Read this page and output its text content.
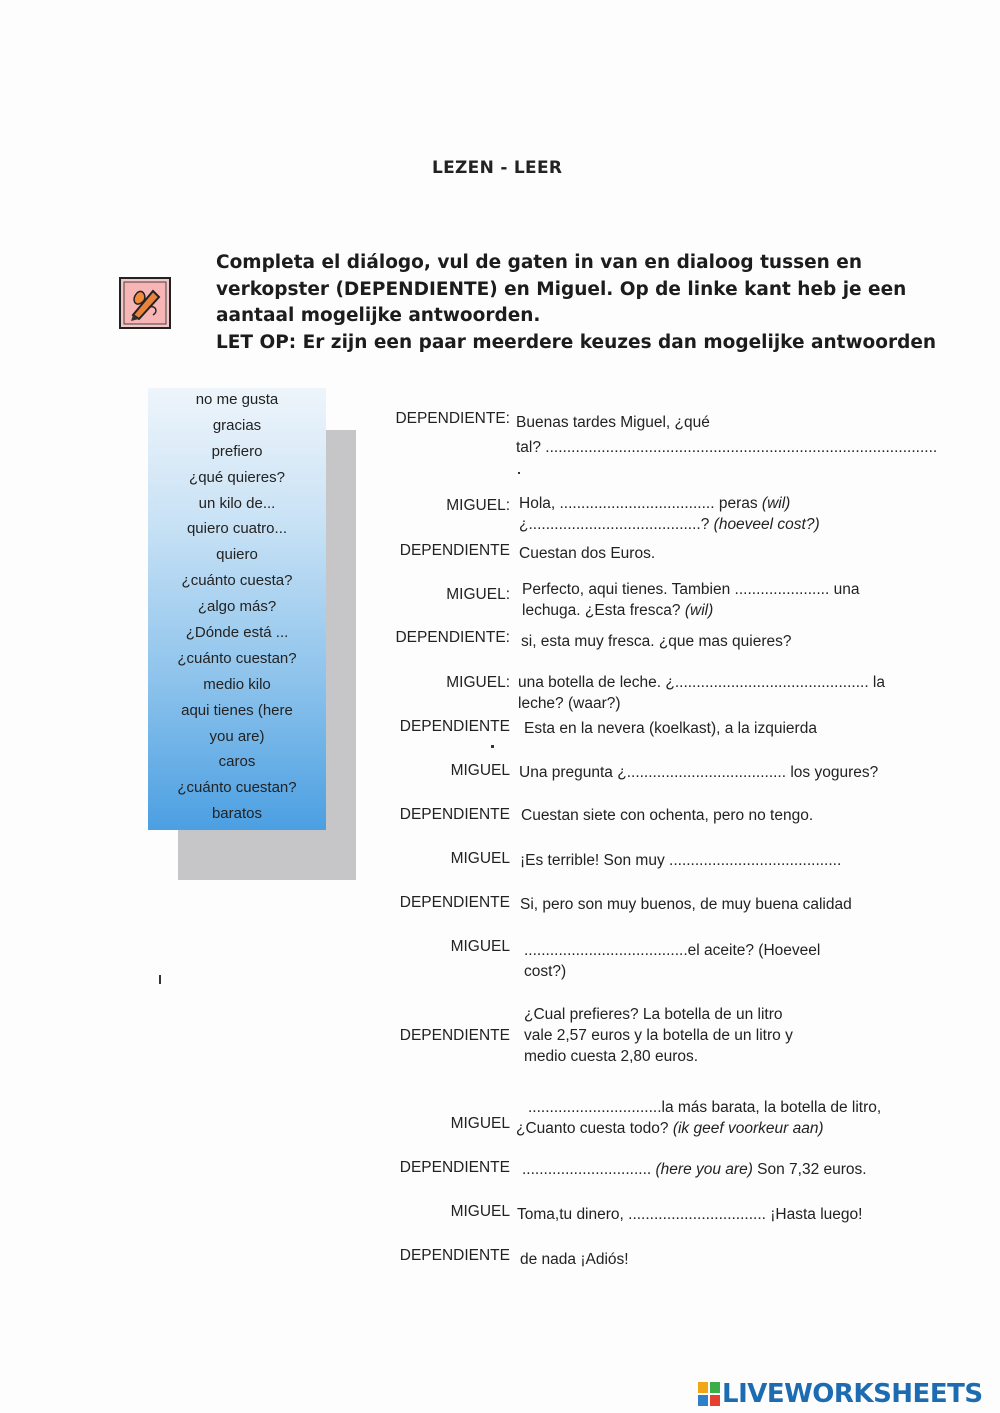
LEZEN - LEER
Completa el diálogo, vul de gaten in van en dialoog tussen en
verkopster (DEPENDIENTE) en Miguel. Op de linke kant heb je een
aantaal mogelijke antwoorden.
LET OP: Er zijn een paar meerdere keuzes dan mogelijke antwoorden
no me gusta
gracias
prefiero
¿qué quieres?
un kilo de...
quiero cuatro...
quiero
¿cuánto cuesta?
¿algo más?
¿Dónde está ...
¿cuánto cuestan?
medio kilo
aqui tienes (here
you are)
caros
¿cuánto cuestan?
baratos
DEPENDIENTE: Buenas tardes Miguel, ¿qué
tal? ...........................................................................................
MIGUEL: Hola, .................................... peras (wil)
¿........................................? (hoeveel cost?)
DEPENDIENTE Cuestan dos Euros.
MIGUEL: Perfecto, aqui tienes. Tambien ...................... una
lechuga. ¿Esta fresca? (wil)
DEPENDIENTE: si, esta muy fresca. ¿que mas quieres?
MIGUEL: una botella de leche. ¿............................................. la
leche? (waar?)
DEPENDIENTE Esta en la nevera (koelkast), a la izquierda
MIGUEL Una pregunta ¿..................................... los yogures?
DEPENDIENTE Cuestan siete con ochenta, pero no tengo.
MIGUEL ¡Es terrible! Son muy ........................................
DEPENDIENTE Si, pero son muy buenos, de muy buena calidad
MIGUEL ......................................el aceite? (Hoeveel
cost?)
DEPENDIENTE
¿Cual prefieres? La botella de un litro
vale 2,57 euros y la botella de un litro y
medio cuesta 2,80 euros.
MIGUEL
...............................la más barata, la botella de litro,
¿Cuanto cuesta todo? (ik geef voorkeur aan)
DEPENDIENTE .............................. (here you are) Son 7,32 euros.
MIGUEL Toma,tu dinero, ................................ ¡Hasta luego!
DEPENDIENTE de nada ¡Adiós!
LIVEWORKSHEETS
